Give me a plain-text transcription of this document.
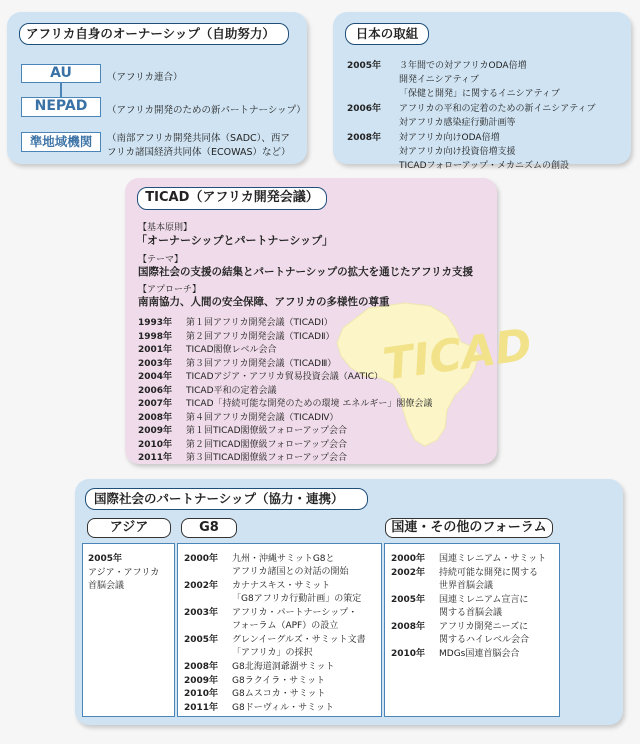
アフリカ自身のオーナーシップ（自助努力）
AU	（アフリカ連合）
NEPAD	（アフリカ開発のための新パートナーシップ）
準地域機関	（南部アフリカ開発共同体（SADC）、西ア
フリカ諸国経済共同体（ECOWAS）など）
日本の取組
2005年 ３年間での対アフリカODA倍増
開発イニシアティブ
「保健と開発」に関するイニシアティブ
2006年 アフリカの平和の定着のための新イニシアティブ
対アフリカ感染症行動計画等
2008年 対アフリカ向けODA倍増
対アフリカ向け投資倍増支援
TICADフォローアップ・メカニズムの創設
TICAD
TICAD（アフリカ開発会議）
【基本原則】
「オーナーシップとパートナーシップ」
【テーマ】
国際社会の支援の結集とパートナーシップの拡大を通じたアフリカ支援
【アプローチ】
南南協力、人間の安全保障、アフリカの多様性の尊重
1993年 第１回アフリカ開発会議（TICADⅠ）
1998年 第２回アフリカ開発会議（TICADⅡ）
2001年 TICAD閣僚レベル会合
2003年 第３回アフリカ開発会議（TICADⅢ）
2004年 TICADアジア・アフリカ貿易投資会議（AATIC）
2006年 TICAD平和の定着会議
2007年 TICAD「持続可能な開発のための環境 エネルギー」閣僚会議
2008年 第４回アフリカ開発会議（TICADⅣ）
2009年 第１回TICAD閣僚級フォローアップ会合
2010年 第２回TICAD閣僚級フォローアップ会合
2011年 第３回TICAD閣僚級フォローアップ会合
国際社会のパートナーシップ（協力・連携）
アジア	G8	国連・その他のフォーラム
2005年
アジア・アフリカ
首脳会議
2000年 九州・沖縄サミットG8と
アフリカ諸国との対話の開始
2002年 カナナスキス・サミット
「G8アフリカ行動計画」の策定
2003年 アフリカ・パートナーシップ・
フォーラム（APF）の設立
2005年 グレンイーグルズ・サミット文書
「アフリカ」の採択
2008年 G8北海道洞爺湖サミット
2009年 G8ラクイラ・サミット
2010年 G8ムスコカ・サミット
2011年 G8ドーヴィル・サミット
2000年 国連ミレニアム・サミット
2002年 持続可能な開発に関する
世界首脳会議
2005年 国連ミレニアム宣言に
関する首脳会議
2008年 アフリカ開発ニーズに
関するハイレベル会合
2010年 MDGs国連首脳会合
